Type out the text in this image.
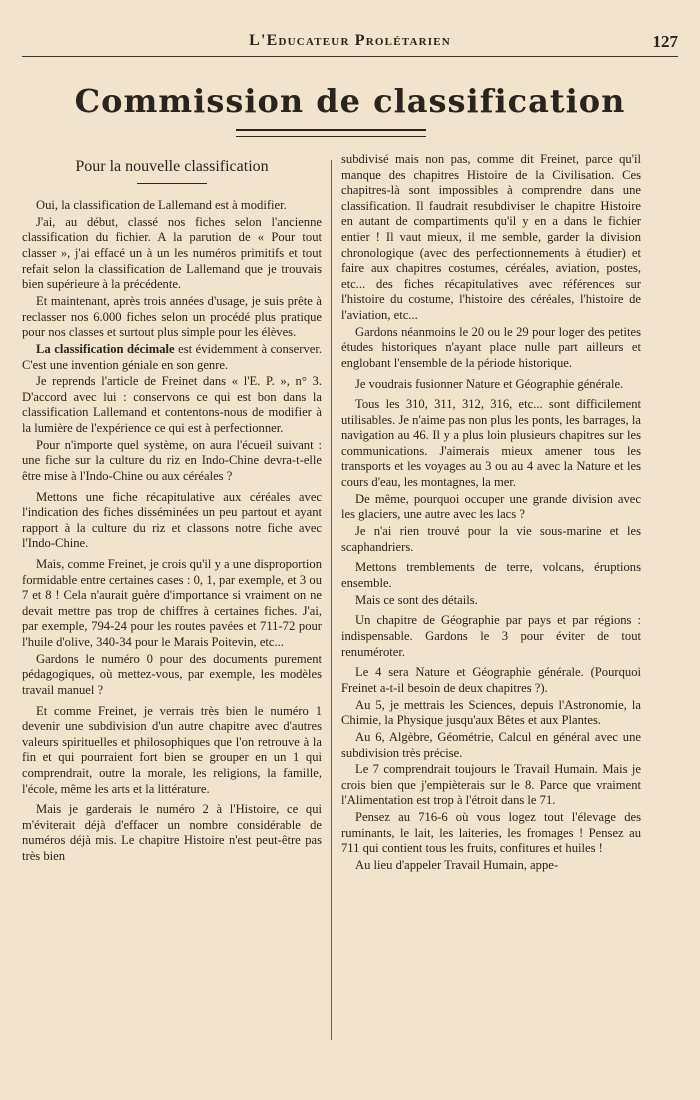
L'Educateur Prolétarien	127
Commission de classification
Pour la nouvelle classification

Oui, la classification de Lallemand est à modifier.

J'ai, au début, classé nos fiches selon l'ancienne classification du fichier. A la parution de « Pour tout classer », j'ai effacé un à un les numéros primitifs et tout refait selon la classification de Lallemand que je trouvais bien supérieure à la précédente.

Et maintenant, après trois années d'usage, je suis prête à reclasser nos 6.000 fiches selon un procédé plus pratique pour nos classes et surtout plus simple pour les élèves.

La classification décimale est évidemment à conserver. C'est une invention géniale en son genre.

Je reprends l'article de Freinet dans « l'E. P. », n° 3. D'accord avec lui : conservons ce qui est bon dans la classification Lallemand et contentons-nous de modifier à la lumière de l'expérience ce qui est à perfectionner.

Pour n'importe quel système, on aura l'écueil suivant : une fiche sur la culture du riz en Indo-Chine devra-t-elle être mise à l'Indo-Chine ou aux céréales ?

Mettons une fiche récapitulative aux céréales avec l'indication des fiches disséminées un peu partout et ayant rapport à la culture du riz et classons notre fiche avec l'Indo-Chine.

Mais, comme Freinet, je crois qu'il y a une disproportion formidable entre certaines cases : 0, 1, par exemple, et 3 ou 7 et 8 ! Cela n'aurait guère d'importance si vraiment on ne devait mettre pas trop de chiffres à certaines fiches. J'ai, par exemple, 794-24 pour les routes pavées et 711-72 pour l'huile d'olive, 340-34 pour le Marais Poitevin, etc...

Gardons le numéro 0 pour des documents purement pédagogiques, où mettez-vous, par exemple, les modèles travail manuel ?

Et comme Freinet, je verrais très bien le numéro 1 devenir une subdivision d'un autre chapitre avec d'autres valeurs spirituelles et philosophiques que l'on retrouve à la fin et qui pourraient fort bien se grouper en un 1 qui comprendrait, outre la morale, les religions, la famille, l'école, même les arts et la littérature.

Mais je garderais le numéro 2 à l'Histoire, ce qui m'éviterait déjà d'effacer un nombre considérable de numéros déjà mis. Le chapitre Histoire n'est peut-être pas très bien

subdivisé mais non pas, comme dit Freinet, parce qu'il manque des chapitres Histoire de la Civilisation. Ces chapitres-là sont impossibles à comprendre dans une classification. Il faudrait resubdiviser le chapitre Histoire en autant de compartiments qu'il y en a dans le fichier entier ! Il vaut mieux, il me semble, garder la division chronologique (avec des perfectionnements à étudier) et faire aux chapitres costumes, céréales, aviation, postes, etc... des fiches récapitulatives avec références sur l'histoire du costume, l'histoire des céréales, l'histoire de l'aviation, etc...

Gardons néanmoins le 20 ou le 29 pour loger des petites études historiques n'ayant place nulle part ailleurs et englobant l'ensemble de la période historique.

Je voudrais fusionner Nature et Géographie générale.

Tous les 310, 311, 312, 316, etc... sont difficilement utilisables. Je n'aime pas non plus les ponts, les barrages, la navigation au 46. Il y a plus loin plusieurs chapitres sur les communications. J'aimerais mieux amener tous les transports et les voyages au 3 ou au 4 avec la Nature et les cours d'eau, les montagnes, la mer.

De même, pourquoi occuper une grande division avec les glaciers, une autre avec les lacs ?

Je n'ai rien trouvé pour la vie sous-marine et les scaphandriers.

Mettons tremblements de terre, volcans, éruptions ensemble.

Mais ce sont des détails.

Un chapitre de Géographie par pays et par régions : indispensable. Gardons le 3 pour éviter de tout renuméroter.

Le 4 sera Nature et Géographie générale. (Pourquoi Freinet a-t-il besoin de deux chapitres ?).

Au 5, je mettrais les Sciences, depuis l'Astronomie, la Chimie, la Physique jusqu'aux Bêtes et aux Plantes.

Au 6, Algèbre, Géométrie, Calcul en général avec une subdivision très précise.

Le 7 comprendrait toujours le Travail Humain. Mais je crois bien que j'empièterais sur le 8. Parce que vraiment l'Alimentation est trop à l'étroit dans le 71.

Pensez au 716-6 où vous logez tout l'élevage des ruminants, le lait, les laiteries, les fromages ! Pensez au 711 qui contient tous les fruits, confitures et huiles !

Au lieu d'appeler Travail Humain, appe-
